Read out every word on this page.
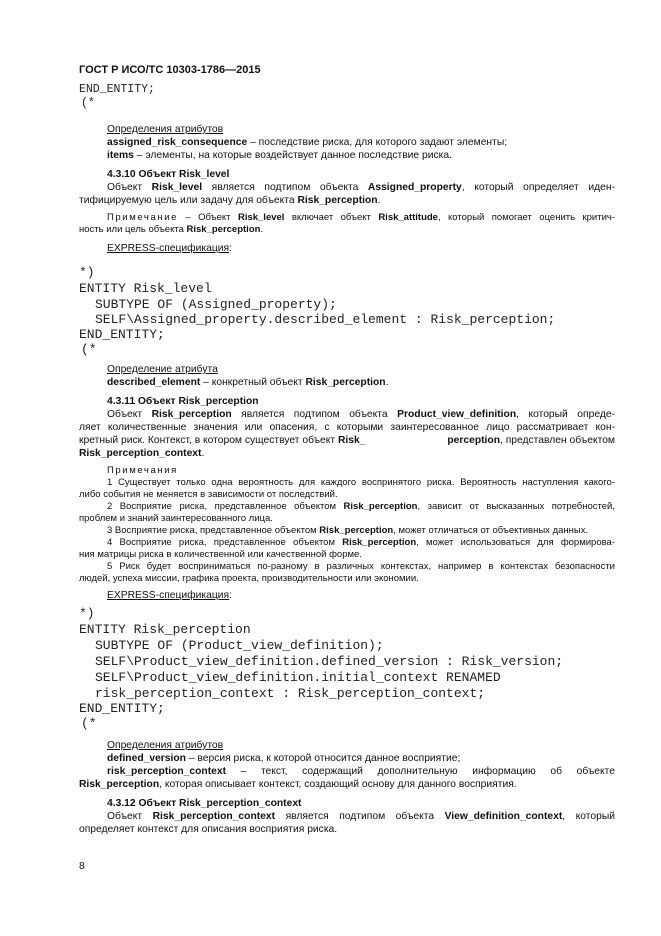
ГОСТ Р ИСО/ТС 10303-1786—2015
END_ENTITY;
(*
Определения атрибутов
assigned_risk_consequence – последствие риска, для которого задают элементы;
items – элементы, на которые воздействует данное последствие риска.
4.3.10 Объект Risk_level
Объект Risk_level является подтипом объекта Assigned_property, который определяет иден-
тифицируемую цель или задачу для объекта Risk_perception.
Примечание – Объект Risk_level включает объект Risk_attitude, который помогает оценить критич-
ность или цель объекта Risk_perception.
EXPRESS-спецификация:
*)
ENTITY Risk_level
SUBTYPE OF (Assigned_property);
SELF\Assigned_property.described_element : Risk_perception;
END_ENTITY;
(*
Определение атрибута
described_element – конкретный объект Risk_perception.
4.3.11 Объект Risk_perception
Объект Risk_perception является подтипом объекта Product_view_definition, который опреде-
ляет количественные значения или опасения, с которыми заинтересованное лицо рассматривает кон-
кретный риск. Контекст, в котором существует объект Risk_	perception, представлен объектом
Risk_perception_context.
Примечания
1 Существует только одна вероятность для каждого воспринятого риска. Вероятность наступления какого-
либо события не меняется в зависимости от последствий.
2 Восприятие риска, представленное объектом Risk_perception, зависит от высказанных потребностей,
проблем и знаний заинтересованного лица.
3 Восприятие риска, представленное объектом Risk_perception, может отличаться от объективных данных.
4 Восприятие риска, представленное объектом Risk_perception, может использоваться для формирова-
ния матрицы риска в количественной или качественной форме.
5 Риск будет восприниматься по-разному в различных контекстах, например в контекстах безопасности
людей, успеха миссии, графика проекта, производительности или экономии.
EXPRESS-спецификация:
*)
ENTITY Risk_perception
SUBTYPE OF (Product_view_definition);
SELF\Product_view_definition.defined_version : Risk_version;
SELF\Product_view_definition.initial_context RENAMED
risk_perception_context : Risk_perception_context;
END_ENTITY;
(*
Определения атрибутов
defined_version – версия риска, к которой относится данное восприятие;
risk_perception_context – текст, содержащий дополнительную информацию об объекте
Risk_perception, которая описывает контекст, создающий основу для данного восприятия.
4.3.12 Объект Risk_perception_context
Объект Risk_perception_context является подтипом объекта View_definition_context, который
определяет контекст для описания восприятия риска.
8
